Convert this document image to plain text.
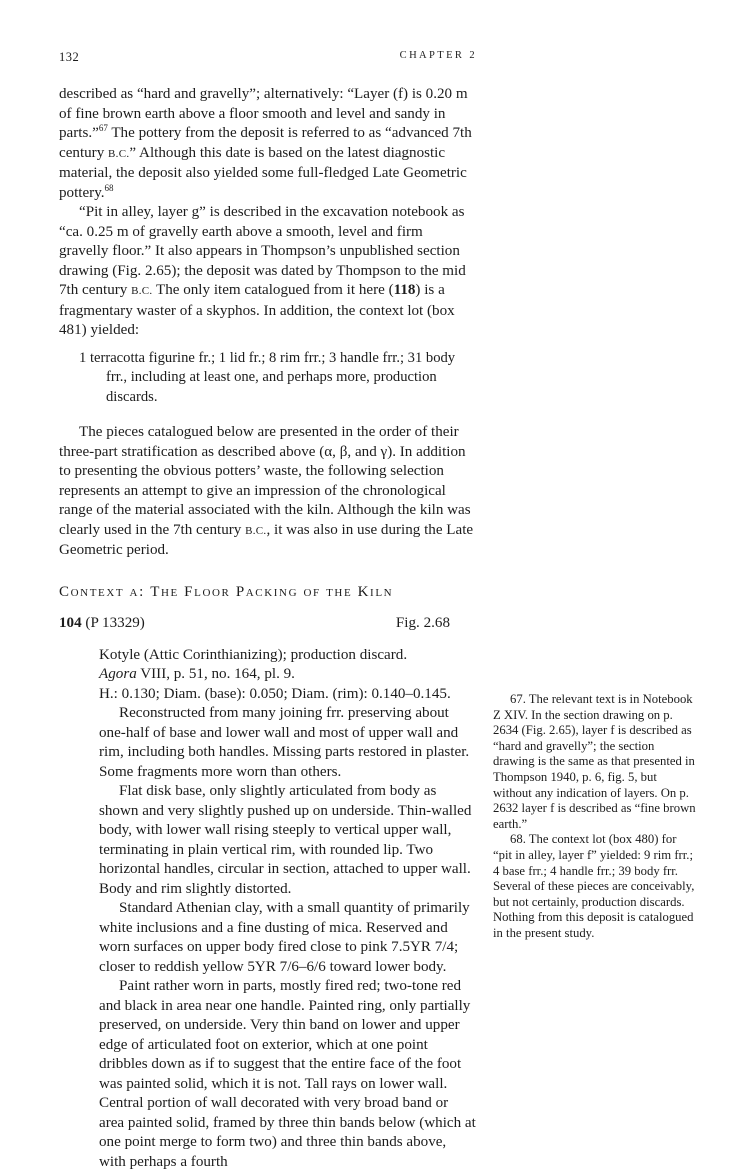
132	CHAPTER 2

described as “hard and gravelly”; alternatively: “Layer (f) is 0.20 m of fine brown earth above a floor smooth and level and sandy in parts.”$^{67}$ The pottery from the deposit is referred to as “advanced 7th century B.C.” Although this date is based on the latest diagnostic material, the deposit also yielded some full-fledged Late Geometric pottery.$^{68}$

“Pit in alley, layer g” is described in the excavation notebook as “ca. 0.25 m of gravelly earth above a smooth, level and firm gravelly floor.” It also appears in Thompson’s unpublished section drawing (Fig. 2.65); the deposit was dated by Thompson to the mid 7th century B.C. The only item catalogued from it here (118) is a fragmentary waster of a skyphos. In addition, the context lot (box 481) yielded:

1 terracotta figurine fr.; 1 lid fr.; 8 rim frr.; 3 handle frr.; 31 body frr., including at least one, and perhaps more, production discards.

The pieces catalogued below are presented in the order of their three-part stratification as described above (α, β, and γ). In addition to presenting the obvious potters’ waste, the following selection represents an attempt to give an impression of the chronological range of the material associated with the kiln. Although the kiln was clearly used in the 7th century B.C., it was also in use during the Late Geometric period.

Context α: The Floor Packing of the Kiln

104 (P 13329)	Fig. 2.68

Kotyle (Attic Corinthianizing); production discard.

Agora VIII, p. 51, no. 164, pl. 9.

H.: 0.130; Diam. (base): 0.050; Diam. (rim): 0.140–0.145.

Reconstructed from many joining frr. preserving about one-half of base and lower wall and most of upper wall and rim, including both handles. Missing parts restored in plaster. Some fragments more worn than others.

Flat disk base, only slightly articulated from body as shown and very slightly pushed up on underside. Thin-walled body, with lower wall rising steeply to vertical upper wall, terminating in plain vertical rim, with rounded lip. Two horizontal handles, circular in section, attached to upper wall. Body and rim slightly distorted.

Standard Athenian clay, with a small quantity of primarily white inclusions and a fine dusting of mica. Reserved and worn surfaces on upper body fired close to pink 7.5YR 7/4; closer to reddish yellow 5YR 7/6–6/6 toward lower body.

Paint rather worn in parts, mostly fired red; two-tone red and black in area near one handle. Painted ring, only partially preserved, on underside. Very thin band on lower and upper edge of articulated foot on exterior, which at one point dribbles down as if to suggest that the entire face of the foot was painted solid, which it is not. Tall rays on lower wall. Central portion of wall decorated with very broad band or area painted solid, framed by three thin bands below (which at one point merge to form two) and three thin bands above, with perhaps a fourth

67. The relevant text is in Notebook Z XIV. In the section drawing on p. 2634 (Fig. 2.65), layer f is described as “hard and gravelly”; the section drawing is the same as that presented in Thompson 1940, p. 6, fig. 5, but without any indication of layers. On p. 2632 layer f is described as “fine brown earth.”

68. The context lot (box 480) for “pit in alley, layer f” yielded: 9 rim frr.; 4 base frr.; 4 handle frr.; 39 body frr. Several of these pieces are conceivably, but not certainly, production discards. Nothing from this deposit is catalogued in the present study.
